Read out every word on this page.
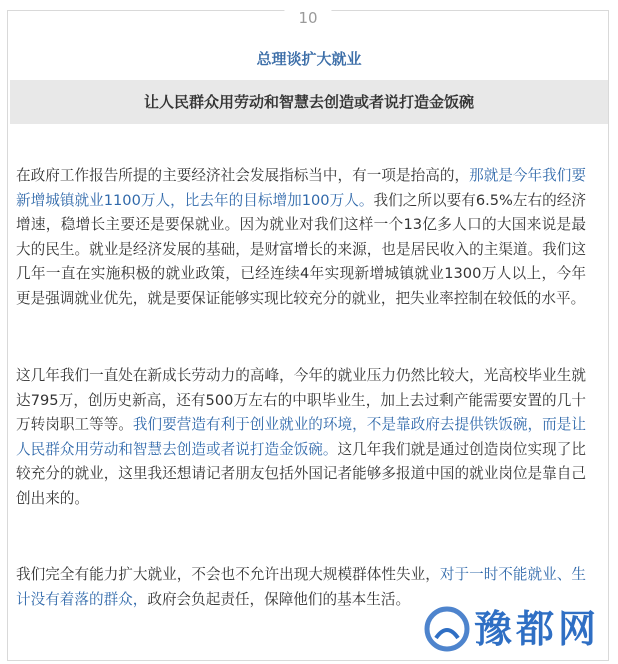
10
总理谈扩大就业
让人民群众用劳动和智慧去创造或者说打造金饭碗

在政府工作报告所提的主要经济社会发展指标当中，有一项是抬高的，那就是今年我们要新增城镇就业1100万人，比去年的目标增加100万人。我们之所以要有6.5%左右的经济增速，稳增长主要还是要保就业。因为就业对我们这样一个13亿多人口的大国来说是最大的民生。就业是经济发展的基础，是财富增长的来源，也是居民收入的主渠道。我们这几年一直在实施积极的就业政策，已经连续4年实现新增城镇就业1300万人以上，今年更是强调就业优先，就是要保证能够实现比较充分的就业，把失业率控制在较低的水平。

这几年我们一直处在新成长劳动力的高峰，今年的就业压力仍然比较大，光高校毕业生就达795万，创历史新高，还有500万左右的中职毕业生，加上去过剩产能需要安置的几十万转岗职工等等。我们要营造有利于创业就业的环境，不是靠政府去提供铁饭碗，而是让人民群众用劳动和智慧去创造或者说打造金饭碗。这几年我们就是通过创造岗位实现了比较充分的就业，这里我还想请记者朋友包括外国记者能够多报道中国的就业岗位是靠自己创出来的。

我们完全有能力扩大就业，不会也不允许出现大规模群体性失业，对于一时不能就业、生计没有着落的群众，政府会负起责任，保障他们的基本生活。

豫都网
